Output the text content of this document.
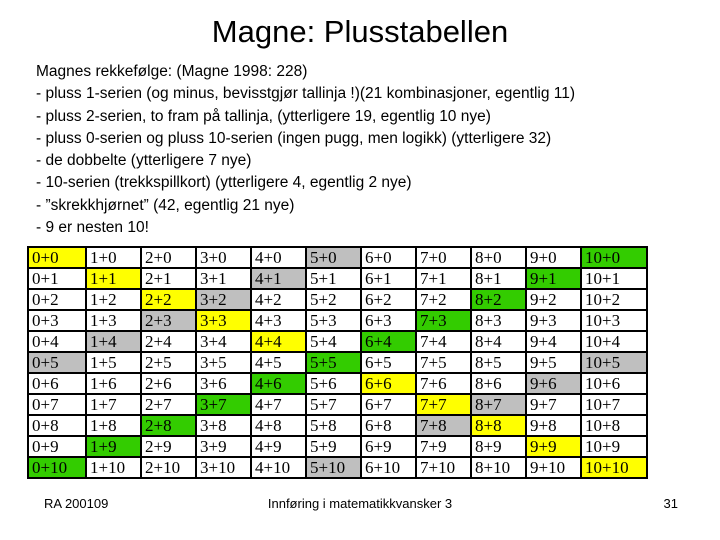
Magne: Plusstabellen
Magnes rekkefølge: (Magne 1998: 228)
- pluss 1-serien (og minus, bevisstgjør tallinja !)(21 kombinasjoner, egentlig 11)
- pluss 2-serien, to fram på tallinja, (ytterligere 19, egentlig 10 nye)
- pluss 0-serien og pluss 10-serien (ingen pugg, men logikk) (ytterligere 32)
- de dobbelte (ytterligere 7 nye)
- 10-serien (trekkspillkort) (ytterligere 4, egentlig 2 nye)
- ”skrekkhjørnet” (42, egentlig 21 nye)
- 9 er nesten 10!
0+0	1+0	2+0	3+0	4+0	5+0	6+0	7+0	8+0	9+0	10+0
0+1	1+1	2+1	3+1	4+1	5+1	6+1	7+1	8+1	9+1	10+1
0+2	1+2	2+2	3+2	4+2	5+2	6+2	7+2	8+2	9+2	10+2
0+3	1+3	2+3	3+3	4+3	5+3	6+3	7+3	8+3	9+3	10+3
0+4	1+4	2+4	3+4	4+4	5+4	6+4	7+4	8+4	9+4	10+4
0+5	1+5	2+5	3+5	4+5	5+5	6+5	7+5	8+5	9+5	10+5
0+6	1+6	2+6	3+6	4+6	5+6	6+6	7+6	8+6	9+6	10+6
0+7	1+7	2+7	3+7	4+7	5+7	6+7	7+7	8+7	9+7	10+7
0+8	1+8	2+8	3+8	4+8	5+8	6+8	7+8	8+8	9+8	10+8
0+9	1+9	2+9	3+9	4+9	5+9	6+9	7+9	8+9	9+9	10+9
0+10	1+10	2+10	3+10	4+10	5+10	6+10	7+10	8+10	9+10	10+10
RA 200109	Innføring i matematikkvansker 3	31
